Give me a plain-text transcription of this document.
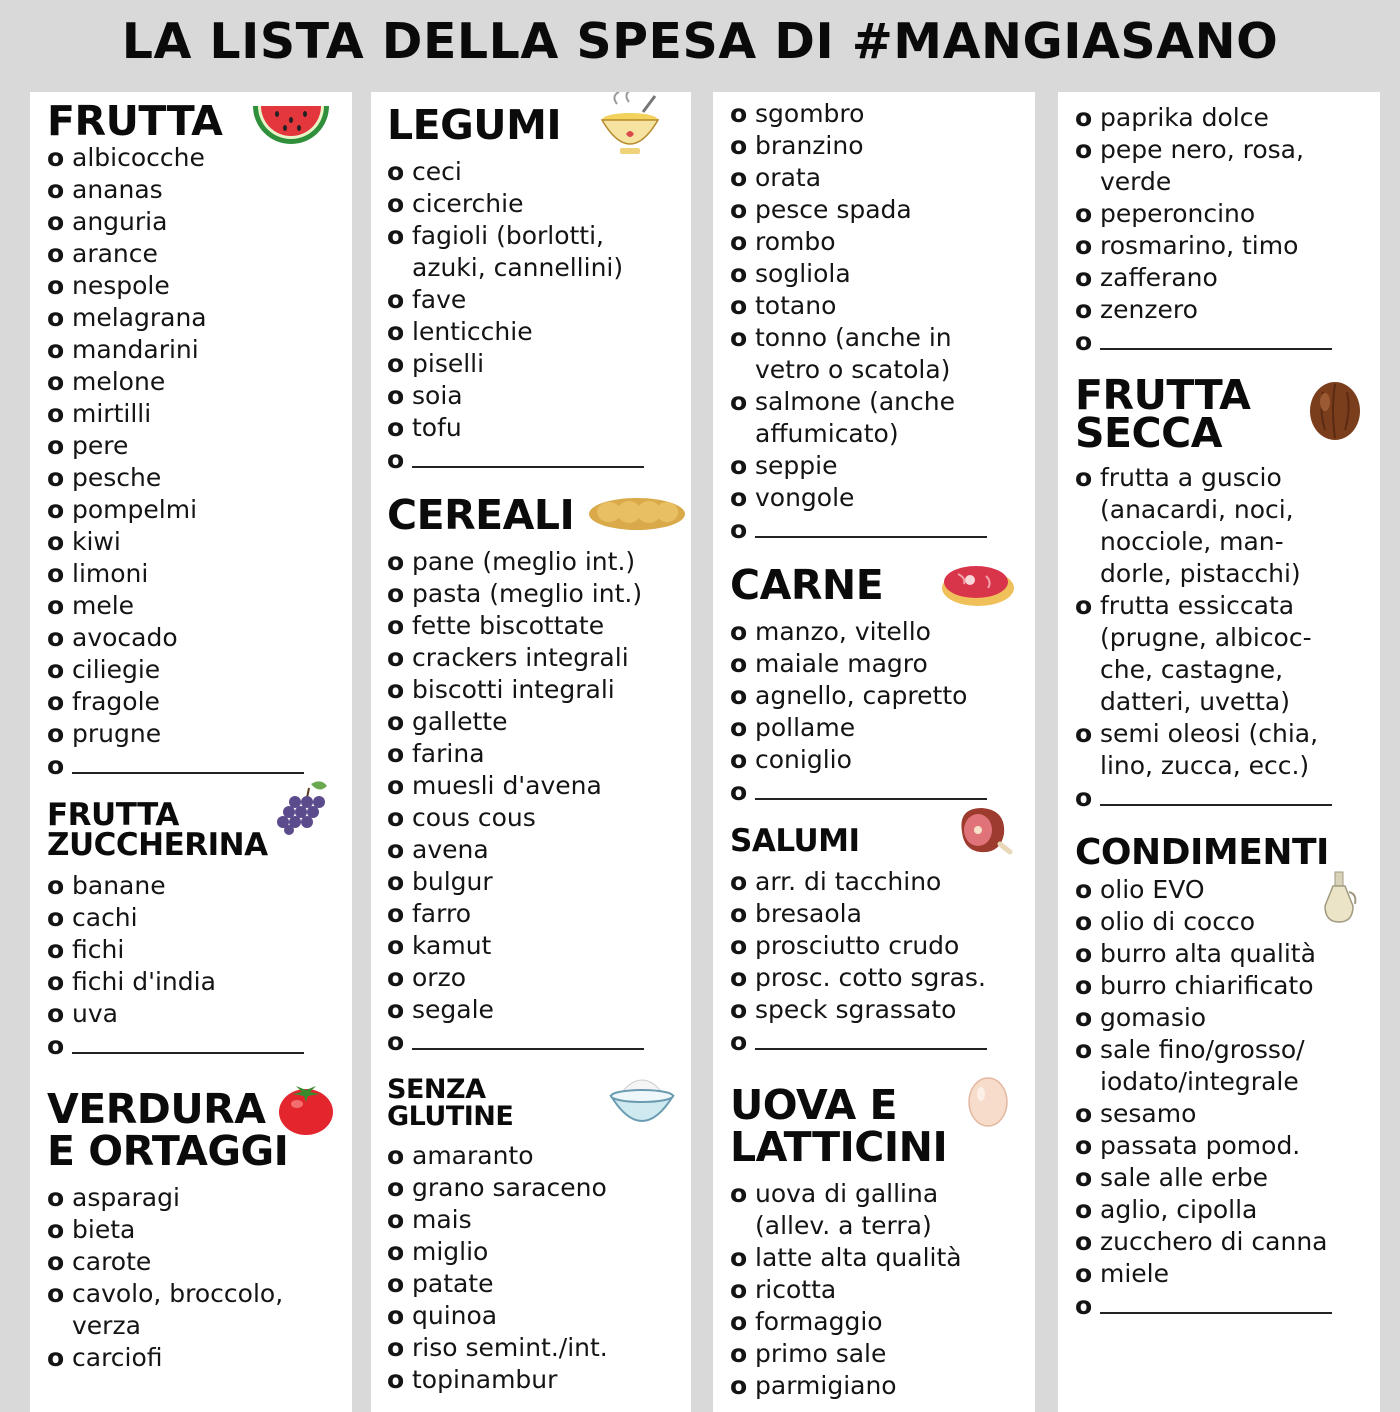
LA LISTA DELLA SPESA DI #MANGIASANO
FRUTTA
o albicocche
o ananas
o anguria
o arance
o nespole
o melagrana
o mandarini
o melone
o mirtilli
o pere
o pesche
o pompelmi
o kiwi
o limoni
o mele
o avocado
o ciliegie
o fragole
o prugne
o
FRUTTA
ZUCCHERINA
o banane
o cachi
o fichi
o fichi d'india
o uva
o
VERDURA
E ORTAGGI
o asparagi
o bieta
o carote
o cavolo, broccolo, verza
o carciofi
LEGUMI
o ceci
o cicerchie
o fagioli (borlotti, azuki, cannellini)
o fave
o lenticchie
o piselli
o soia
o tofu
o
CEREALI
o pane (meglio int.)
o pasta (meglio int.)
o fette biscottate
o crackers integrali
o biscotti integrali
o gallette
o farina
o muesli d'avena
o cous cous
o avena
o bulgur
o farro
o kamut
o orzo
o segale
o
SENZA
GLUTINE
o amaranto
o grano saraceno
o mais
o miglio
o patate
o quinoa
o riso semint./int.
o topinambur
o sgombro
o branzino
o orata
o pesce spada
o rombo
o sogliola
o totano
o tonno (anche in vetro o scatola)
o salmone (anche affumicato)
o seppie
o vongole
o
CARNE
o manzo, vitello
o maiale magro
o agnello, capretto
o pollame
o coniglio
o
SALUMI
o arr. di tacchino
o bresaola
o prosciutto crudo
o prosc. cotto sgras.
o speck sgrassato
o
UOVA E
LATTICINI
o uova di gallina (allev. a terra)
o latte alta qualità
o ricotta
o formaggio
o primo sale
o parmigiano
o paprika dolce
o pepe nero, rosa, verde
o peperoncino
o rosmarino, timo
o zafferano
o zenzero
o
FRUTTA
SECCA
o frutta a guscio (anacardi, noci, nocciole, man- dorle, pistacchi)
o frutta essiccata (prugne, albicoc- che, castagne, datteri, uvetta)
o semi oleosi (chia, lino, zucca, ecc.)
o
CONDIMENTI
o olio EVO
o olio di cocco
o burro alta qualità
o burro chiarificato
o gomasio
o sale fino/grosso/ iodato/integrale
o sesamo
o passata pomod.
o sale alle erbe
o aglio, cipolla
o zucchero di canna
o miele
o
